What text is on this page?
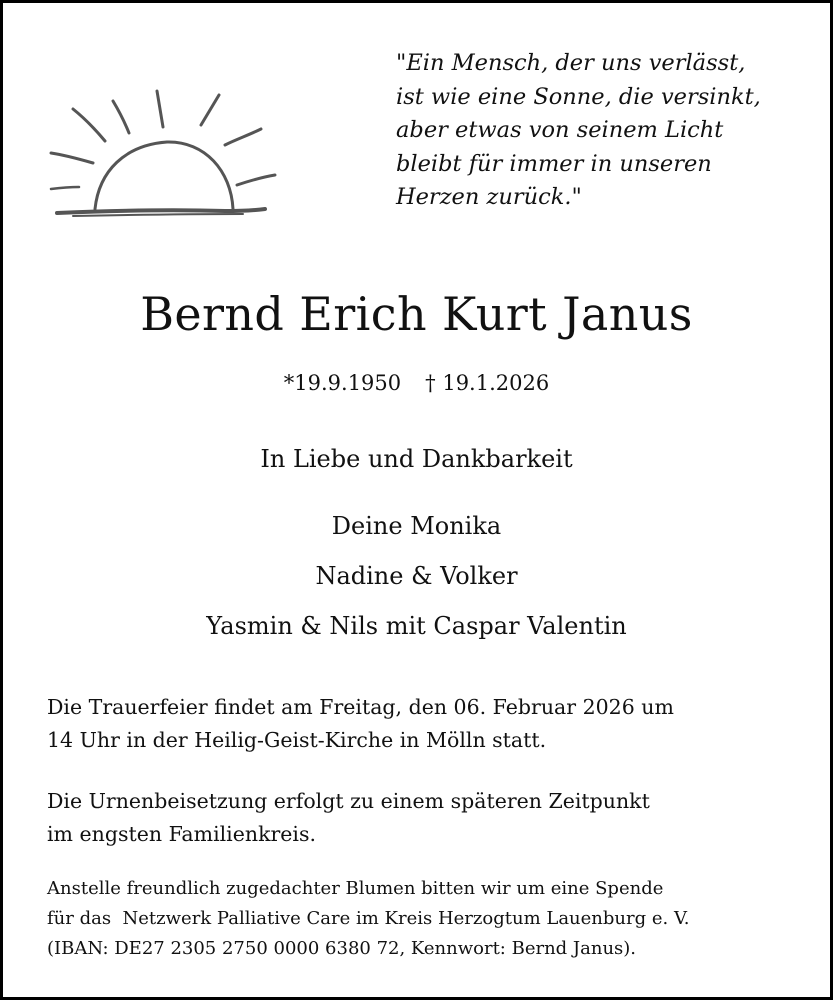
"Ein Mensch, der uns verlässt,
ist wie eine Sonne, die versinkt,
aber etwas von seinem Licht
bleibt für immer in unseren
Herzen zurück."
Bernd Erich Kurt Janus
*19.9.1950 † 19.1.2026
In Liebe und Dankbarkeit
Deine Monika
Nadine & Volker
Yasmin & Nils mit Caspar Valentin
Die Trauerfeier findet am Freitag, den 06. Februar 2026 um
14 Uhr in der Heilig-Geist-Kirche in Mölln statt.
Die Urnenbeisetzung erfolgt zu einem späteren Zeitpunkt
im engsten Familienkreis.
Anstelle freundlich zugedachter Blumen bitten wir um eine Spende
für das  Netzwerk Palliative Care im Kreis Herzogtum Lauenburg e. V.
(IBAN: DE27 2305 2750 0000 6380 72, Kennwort: Bernd Janus).
